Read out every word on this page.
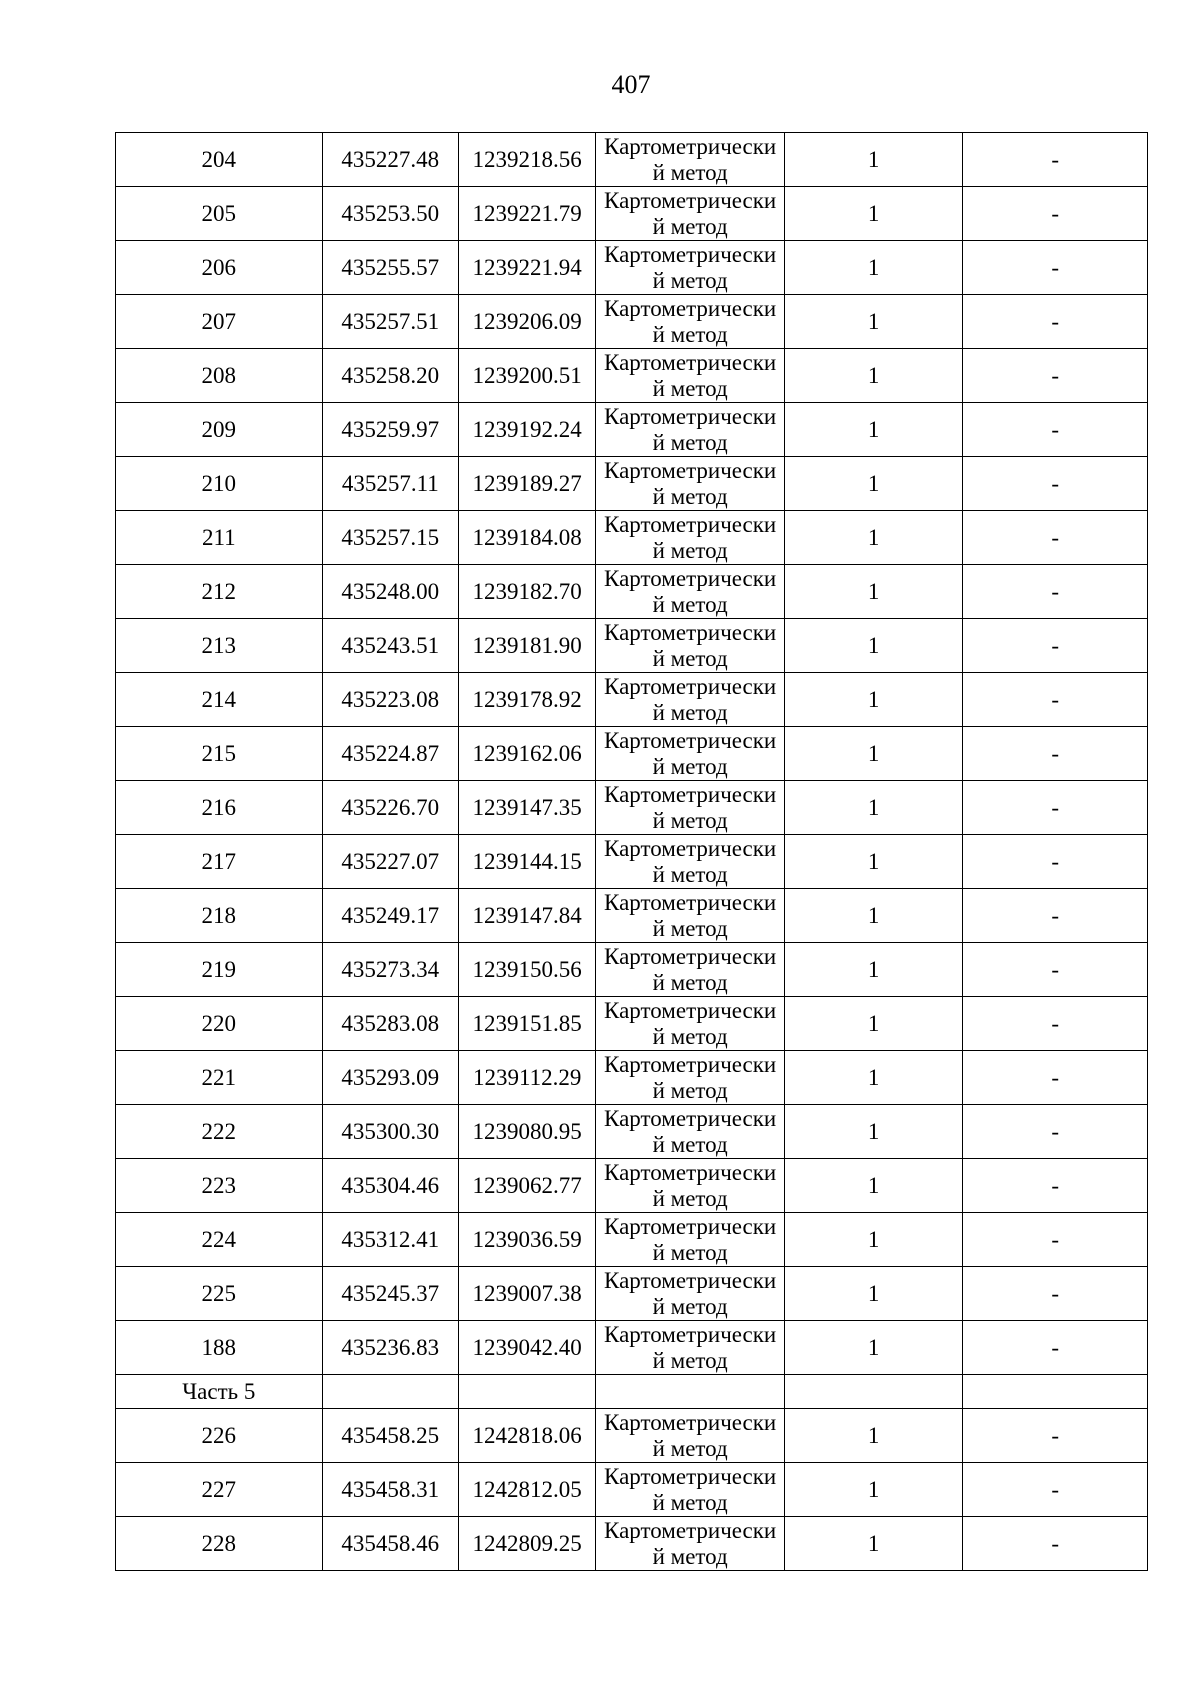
407
204	435227.48	1239218.56	Картометрически
й метод	1	-
205	435253.50	1239221.79	Картометрически
й метод	1	-
206	435255.57	1239221.94	Картометрически
й метод	1	-
207	435257.51	1239206.09	Картометрически
й метод	1	-
208	435258.20	1239200.51	Картометрически
й метод	1	-
209	435259.97	1239192.24	Картометрически
й метод	1	-
210	435257.11	1239189.27	Картометрически
й метод	1	-
211	435257.15	1239184.08	Картометрически
й метод	1	-
212	435248.00	1239182.70	Картометрически
й метод	1	-
213	435243.51	1239181.90	Картометрически
й метод	1	-
214	435223.08	1239178.92	Картометрически
й метод	1	-
215	435224.87	1239162.06	Картометрически
й метод	1	-
216	435226.70	1239147.35	Картометрически
й метод	1	-
217	435227.07	1239144.15	Картометрически
й метод	1	-
218	435249.17	1239147.84	Картометрически
й метод	1	-
219	435273.34	1239150.56	Картометрически
й метод	1	-
220	435283.08	1239151.85	Картометрически
й метод	1	-
221	435293.09	1239112.29	Картометрически
й метод	1	-
222	435300.30	1239080.95	Картометрически
й метод	1	-
223	435304.46	1239062.77	Картометрически
й метод	1	-
224	435312.41	1239036.59	Картометрически
й метод	1	-
225	435245.37	1239007.38	Картометрически
й метод	1	-
188	435236.83	1239042.40	Картометрически
й метод	1	-
Часть 5					
226	435458.25	1242818.06	Картометрически
й метод	1	-
227	435458.31	1242812.05	Картометрически
й метод	1	-
228	435458.46	1242809.25	Картометрически
й метод	1	-
